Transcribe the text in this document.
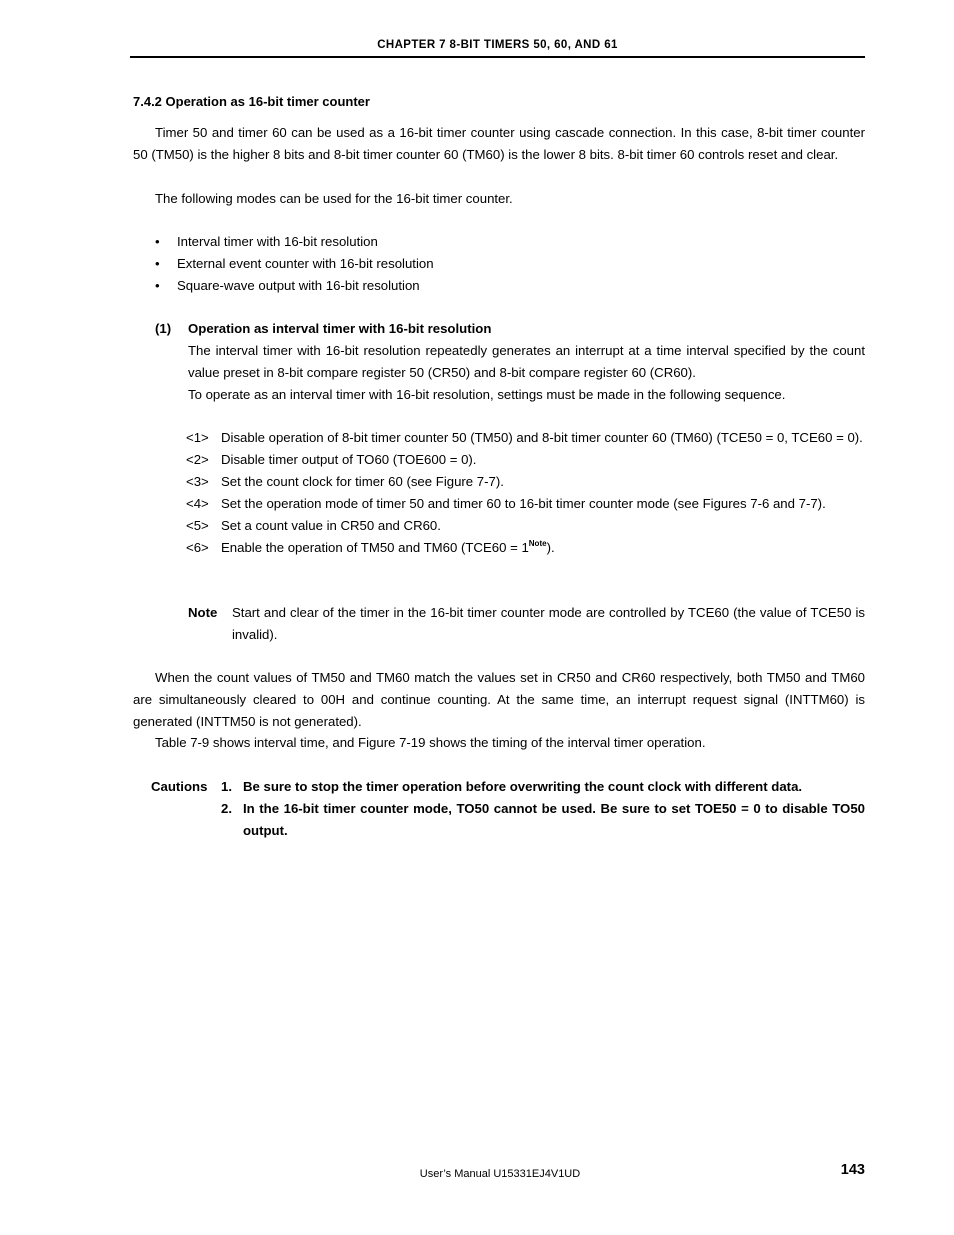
CHAPTER 7 8-BIT TIMERS 50, 60, AND 61
7.4.2 Operation as 16-bit timer counter

Timer 50 and timer 60 can be used as a 16-bit timer counter using cascade connection. In this case, 8-bit timer counter 50 (TM50) is the higher 8 bits and 8-bit timer counter 60 (TM60) is the lower 8 bits. 8-bit timer 60 controls reset and clear.

The following modes can be used for the 16-bit timer counter.

• Interval timer with 16-bit resolution
• External event counter with 16-bit resolution
• Square-wave output with 16-bit resolution
(1) Operation as interval timer with 16-bit resolution

The interval timer with 16-bit resolution repeatedly generates an interrupt at a time interval specified by the count value preset in 8-bit compare register 50 (CR50) and 8-bit compare register 60 (CR60).

To operate as an interval timer with 16-bit resolution, settings must be made in the following sequence.

<1> Disable operation of 8-bit timer counter 50 (TM50) and 8-bit timer counter 60 (TM60) (TCE50 = 0, TCE60 = 0).
<2> Disable timer output of TO60 (TOE600 = 0).
<3> Set the count clock for timer 60 (see Figure 7-7).
<4> Set the operation mode of timer 50 and timer 60 to 16-bit timer counter mode (see Figures 7-6 and 7-7).
<5> Set a count value in CR50 and CR60.
<6> Enable the operation of TM50 and TM60 $(TCE60 = 1^{Note})$.
Note Start and clear of the timer in the 16-bit timer counter mode are controlled by TCE60 (the value of TCE50 is invalid).

When the count values of TM50 and TM60 match the values set in CR50 and CR60 respectively, both TM50 and TM60 are simultaneously cleared to 00H and continue counting. At the same time, an interrupt request signal (INTTM60) is generated (INTTM50 is not generated).

Table 7-9 shows interval time, and Figure 7-19 shows the timing of the interval timer operation.

Cautions 1. Be sure to stop the timer operation before overwriting the count clock with different data.
2. In the 16-bit timer counter mode, TO50 cannot be used. Be sure to set TOE50 = 0 to disable TO50 output.
User’s Manual U15331EJ4V1UD	143
